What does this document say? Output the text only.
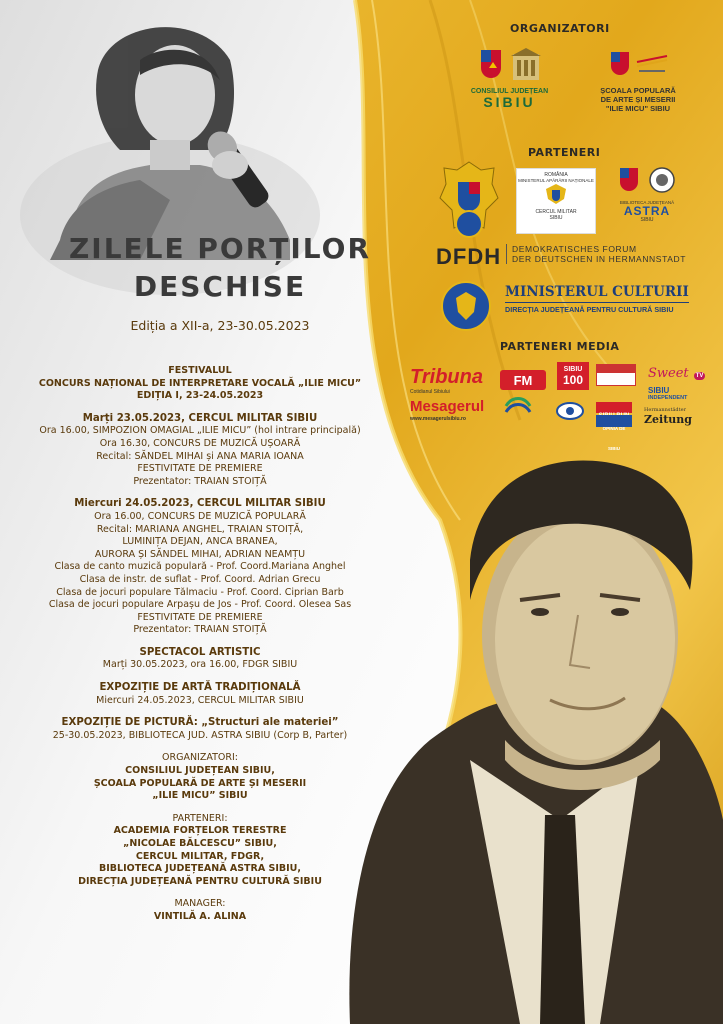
ZILELE PORȚILOR
DESCHISE
Ediția a XII-a, 23-30.05.2023
FESTIVALUL
CONCURS NAȚIONAL DE INTERPRETARE VOCALĂ „ILIE MICU”
EDIȚIA I, 23-24.05.2023
Marți 23.05.2023, CERCUL MILITAR SIBIU
Ora 16.00, SIMPOZION OMAGIAL „ILIE MICU” (hol intrare principală)
Ora 16.30, CONCURS DE MUZICĂ UȘOARĂ
Recital: SĂNDEL MIHAI și ANA MARIA IOANA
FESTIVITATE DE PREMIERE
Prezentator: TRAIAN STOIȚĂ
Miercuri 24.05.2023, CERCUL MILITAR SIBIU
Ora 16.00, CONCURS DE MUZICĂ POPULARĂ
Recital: MARIANA ANGHEL, TRAIAN STOIȚĂ,
LUMINIȚA DEJAN, ANCA BRANEA,
AURORA ȘI SĂNDEL MIHAI, ADRIAN NEAMȚU
Clasa de canto muzică populară - Prof. Coord.Mariana Anghel
Clasa de instr. de suflat - Prof. Coord. Adrian Grecu
Clasa de jocuri populare Tălmaciu - Prof. Coord. Ciprian Barb
Clasa de jocuri populare Arpașu de Jos - Prof. Coord. Olesea Sas
FESTIVITATE DE PREMIERE
Prezentator: TRAIAN STOIȚĂ
SPECTACOL ARTISTIC
Marți 30.05.2023, ora 16.00, FDGR SIBIU
EXPOZIȚIE DE ARTĂ TRADIȚIONALĂ
Miercuri 24.05.2023, CERCUL MILITAR SIBIU
EXPOZIȚIE DE PICTURĂ: „Structuri ale materiei”
25-30.05.2023, BIBLIOTECA JUD. ASTRA SIBIU (Corp B, Parter)
ORGANIZATORI:
CONSILIUL JUDEȚEAN SIBIU,
ȘCOALA POPULARĂ DE ARTE ȘI MESERII
„ILIE MICU” SIBIU
PARTENERI:
ACADEMIA FORȚELOR TERESTRE
„NICOLAE BĂLCESCU” SIBIU,
CERCUL MILITAR, FDGR,
BIBLIOTECA JUDEȚEANĂ ASTRA SIBIU,
DIRECȚIA JUDEȚEANĂ PENTRU CULTURĂ SIBIU
MANAGER:
VINTILĂ A. ALINA
ORGANIZATORI
CONSILIUL JUDEȚEAN
SIBIU
ȘCOALA POPULARĂ
DE ARTE ȘI MESERII
"ILIE MICU" SIBIU
PARTENERI
ROMÂNIA
MINISTERUL APĂRĂRII NAȚIONALE
CERCUL MILITAR
SIBIU
BIBLIOTECA JUDEȚEANĂ
ASTRA
SIBIU
DFDH DEMOKRATISCHES FORUM
DER DEUTSCHEN IN HERMANNSTADT
MINISTERUL CULTURII
DIRECȚIA JUDEȚEANĂ PENTRU CULTURĂ SIBIU
PARTENERI MEDIA
Tribuna
Cotidianul Sibiului
Mesagerul
www.mesagerulsibiu.ro
FM
SIBIU
100
OPINIA DE SIBIU
Sweet TV
SIBIU
INDEPENDENT
Hermannstädter
Zeitung
